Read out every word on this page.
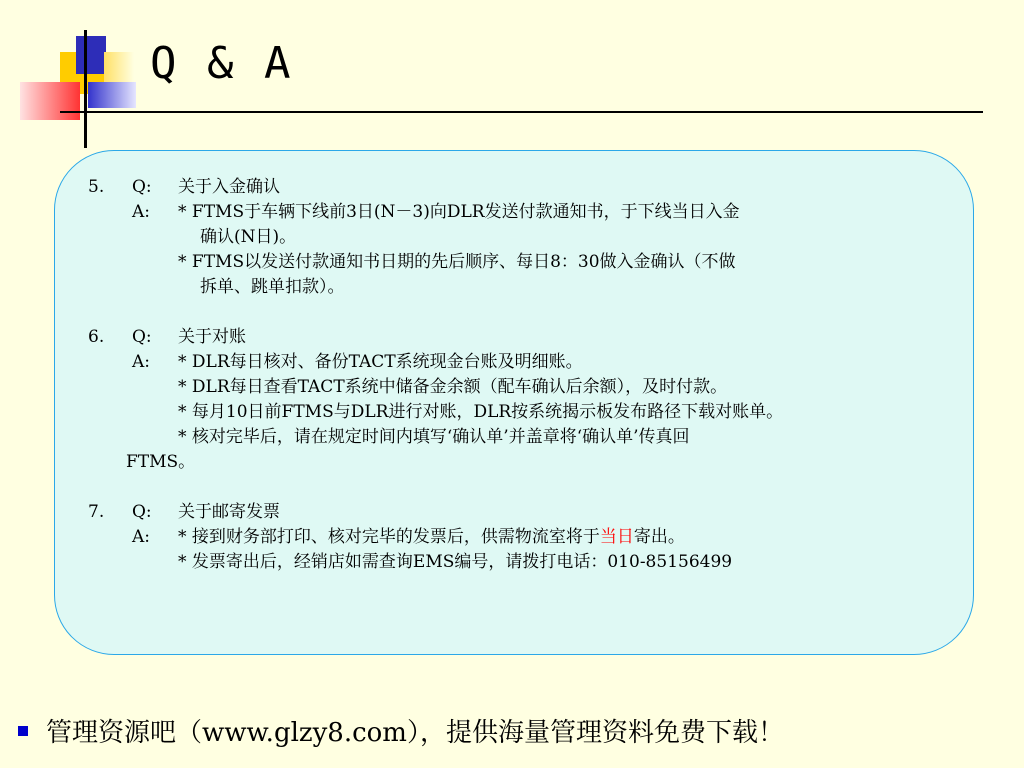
Q & A

5.

Q:

关于入金确认

A:

* FTMS于车辆下线前3日(N－3)向DLR发送付款通知书，于下线当日入金

确认(N日)。

* FTMS以发送付款通知书日期的先后顺序、每日8：30做入金确认（不做

拆单、跳单扣款）。

6.

Q:

关于对账

A:

* DLR每日核对、备份TACT系统现金台账及明细账。

* DLR每日查看TACT系统中储备金余额（配车确认后余额），及时付款。

* 每月10日前FTMS与DLR进行对账，DLR按系统揭示板发布路径下载对账单。

* 核对完毕后，请在规定时间内填写‘确认单’并盖章将‘确认单’传真回

FTMS。

7.

Q:

关于邮寄发票

A:

* 接到财务部打印、核对完毕的发票后，供需物流室将于当日寄出。

* 发票寄出后，经销店如需查询EMS编号，请拨打电话：010-85156499

管理资源吧（www.glzy8.com），提供海量管理资料免费下载！
